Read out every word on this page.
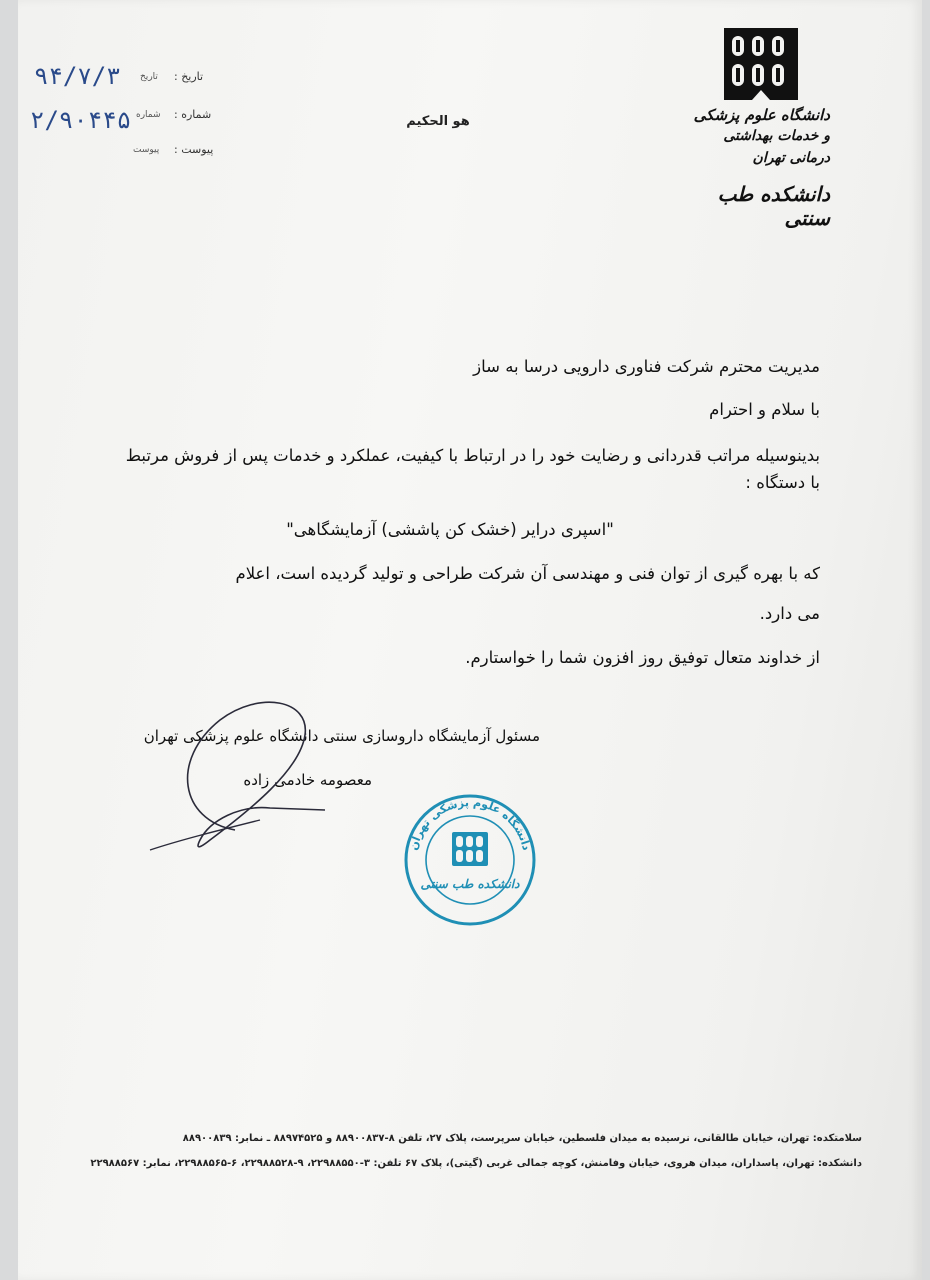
دانشگاه علوم پزشکی
و خدمات بهداشتی درمانی تهران
دانشکده طب سنتی
هو الحکیم
تاریخ :
تاریخ
۹۴/۷/۳
شماره :
شماره
۲/۹۰۴۴۵
پیوست :
پیوست
مدیریت محترم شرکت فناوری دارویی درسا به ساز
با سلام و احترام
بدینوسیله مراتب قدردانی و رضایت خود را در ارتباط با کیفیت، عملکرد و خدمات پس از فروش مرتبط با دستگاه :
"اسپری درایر (خشک کن پاششی) آزمایشگاهی"
که با بهره گیری از توان فنی و مهندسی آن شرکت طراحی و تولید گردیده است، اعلام
می دارد.
از خداوند متعال توفیق روز افزون شما را خواستارم.
مسئول آزمایشگاه داروسازی سنتی دانشگاه علوم پزشکی تهران
معصومه خادمی زاده
دانشگاه علوم پزشکی تهران
دانشکده طب سنتی
سلامتکده: تهران، خیابان طالقانی، نرسیده به میدان فلسطین، خیابان سرپرست، پلاک ۲۷، تلفن ۸-۸۸۹۰۰۸۳۷ و ۸۸۹۷۴۵۲۵ ـ نمابر: ۸۸۹۰۰۸۳۹
دانشکده: تهران، پاسداران، میدان هروی، خیابان وفامنش، کوچه جمالی غربی (گیتی)، پلاک ۶۷ تلفن: ۳-۲۲۹۸۸۵۵۰، ۹-۲۲۹۸۸۵۲۸، ۶-۲۲۹۸۸۵۶۵، نمابر: ۲۲۹۸۸۵۶۷
